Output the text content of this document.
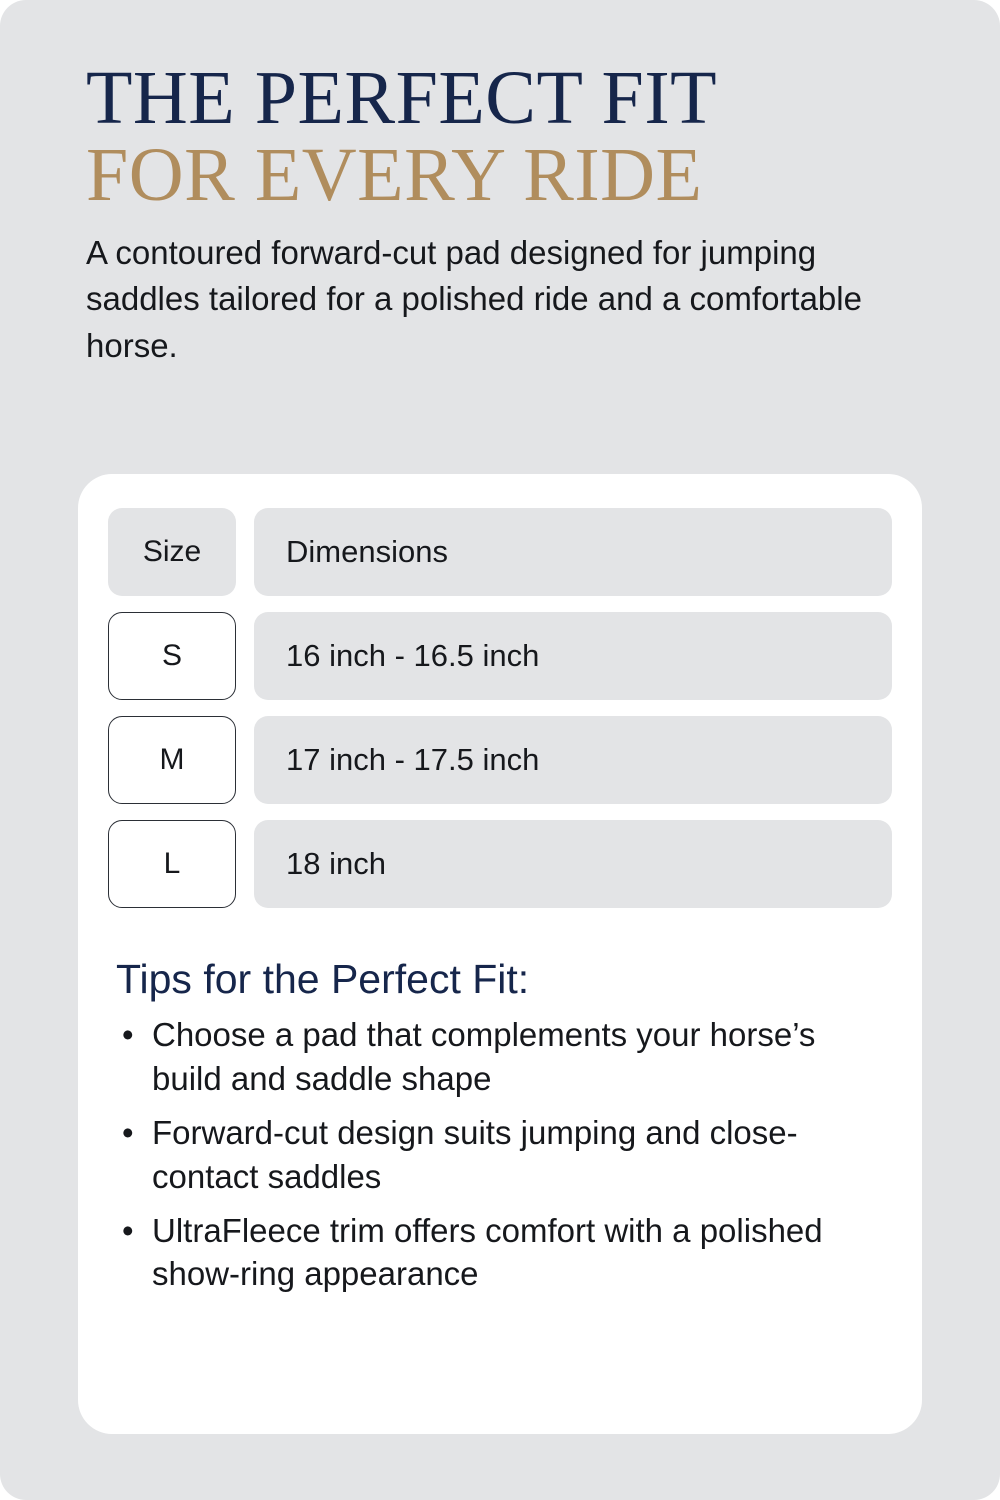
THE PERFECT FIT
FOR EVERY RIDE

A contoured forward-cut pad designed for jumping saddles tailored for a polished ride and a comfortable horse.

Size	Dimensions
S	16 inch - 16.5 inch
M	17 inch - 17.5 inch
L	18 inch
Tips for the Perfect Fit:
• Choose a pad that complements your horse’s build and saddle shape
• Forward-cut design suits jumping and close-contact saddles
• UltraFleece trim offers comfort with a polished show-ring appearance
